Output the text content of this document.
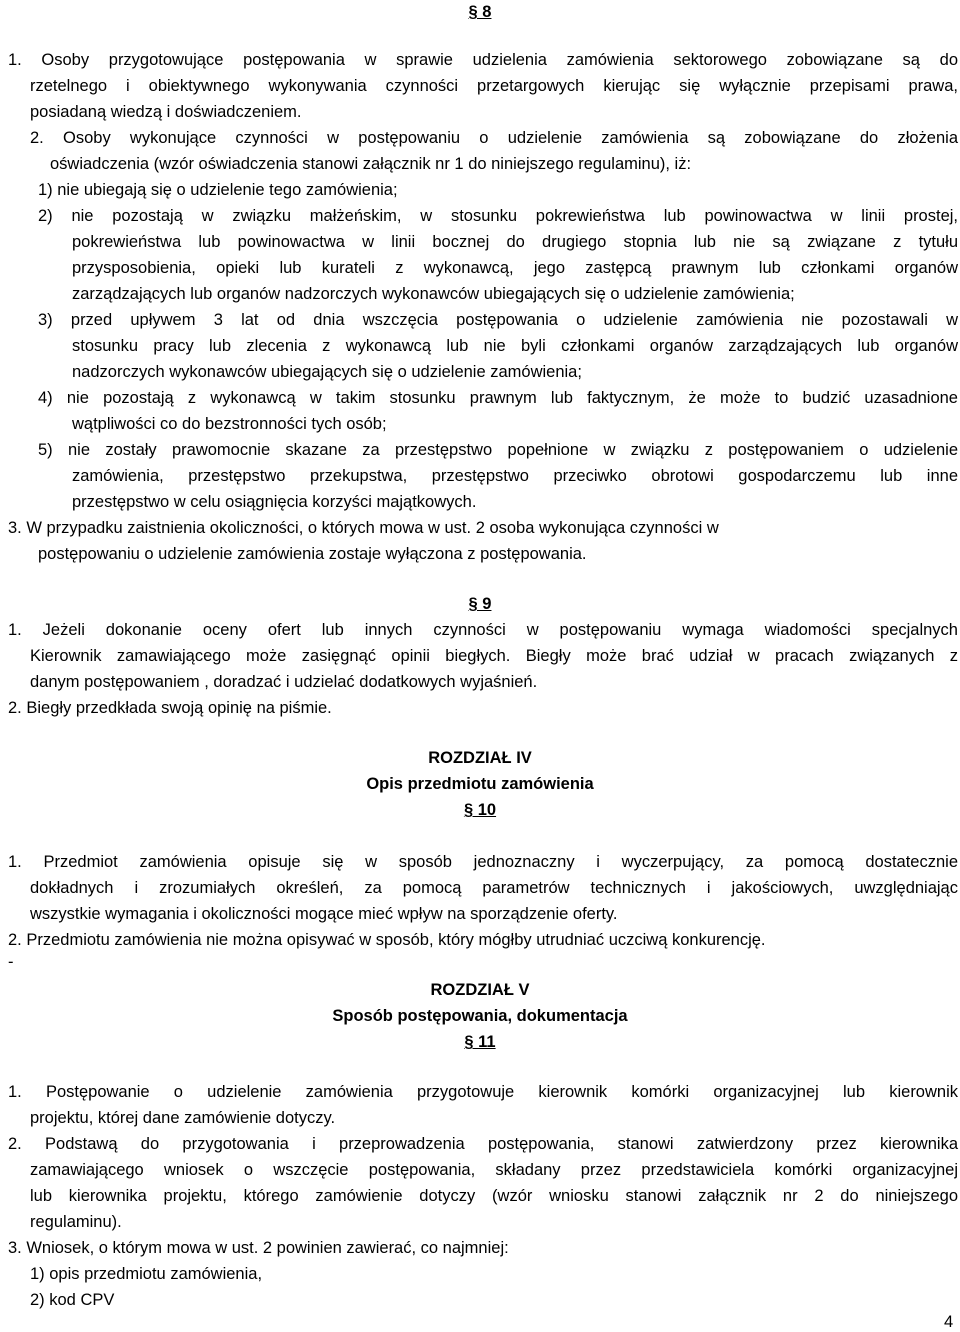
§ 8
1. Osoby przygotowujące postępowania w sprawie udzielenia zamówienia sektorowego zobowiązane są do
rzetelnego i obiektywnego wykonywania czynności przetargowych kierując się wyłącznie przepisami prawa,
posiadaną wiedzą i doświadczeniem.
2. Osoby wykonujące czynności w postępowaniu o udzielenie zamówienia są zobowiązane do złożenia
oświadczenia (wzór oświadczenia stanowi załącznik nr 1 do niniejszego regulaminu), iż:
1) nie ubiegają się o udzielenie tego zamówienia;
2) nie pozostają w związku małżeńskim, w stosunku pokrewieństwa lub powinowactwa w linii prostej,
pokrewieństwa lub powinowactwa w linii bocznej do drugiego stopnia lub nie są związane z tytułu
przysposobienia, opieki lub kurateli z wykonawcą, jego zastępcą prawnym lub członkami organów
zarządzających lub organów nadzorczych wykonawców ubiegających się o udzielenie zamówienia;
3) przed upływem 3 lat od dnia wszczęcia postępowania o udzielenie zamówienia nie pozostawali w
stosunku pracy lub zlecenia z wykonawcą lub nie byli członkami organów zarządzających lub organów
nadzorczych wykonawców ubiegających się o udzielenie zamówienia;
4) nie pozostają z wykonawcą w takim stosunku prawnym lub faktycznym, że może to budzić uzasadnione
wątpliwości co do bezstronności tych osób;
5) nie zostały prawomocnie skazane za przestępstwo popełnione w związku z postępowaniem o udzielenie
zamówienia, przestępstwo przekupstwa, przestępstwo przeciwko obrotowi gospodarczemu lub inne
przestępstwo w celu osiągnięcia korzyści majątkowych.
3. W przypadku zaistnienia okoliczności, o których mowa w ust. 2 osoba wykonująca czynności w
postępowaniu o udzielenie zamówienia zostaje wyłączona z postępowania.
§ 9
1. Jeżeli dokonanie oceny ofert lub innych czynności w postępowaniu wymaga wiadomości specjalnych
Kierownik zamawiającego może zasięgnąć opinii biegłych. Biegły może brać udział w pracach związanych z
danym postępowaniem , doradzać i udzielać dodatkowych wyjaśnień.
2. Biegły przedkłada swoją opinię na piśmie.
ROZDZIAŁ IV
Opis przedmiotu zamówienia
§ 10
1. Przedmiot zamówienia opisuje się w sposób jednoznaczny i wyczerpujący, za pomocą dostatecznie
dokładnych i zrozumiałych określeń, za pomocą parametrów technicznych i jakościowych, uwzględniając
wszystkie wymagania i okoliczności mogące mieć wpływ na sporządzenie oferty.
2. Przedmiotu zamówienia nie można opisywać w sposób, który mógłby utrudniać uczciwą konkurencję.
-
ROZDZIAŁ V
Sposób postępowania, dokumentacja
§ 11
1. Postępowanie o udzielenie zamówienia przygotowuje kierownik komórki organizacyjnej lub kierownik
projektu, której dane zamówienie dotyczy.
2. Podstawą do przygotowania i przeprowadzenia postępowania, stanowi zatwierdzony przez kierownika
zamawiającego wniosek o wszczęcie postępowania, składany przez przedstawiciela komórki organizacyjnej
lub kierownika projektu, którego zamówienie dotyczy (wzór wniosku stanowi załącznik nr 2 do niniejszego
regulaminu).
3. Wniosek, o którym mowa w ust. 2 powinien zawierać, co najmniej:
1) opis przedmiotu zamówienia,
2) kod CPV
4
